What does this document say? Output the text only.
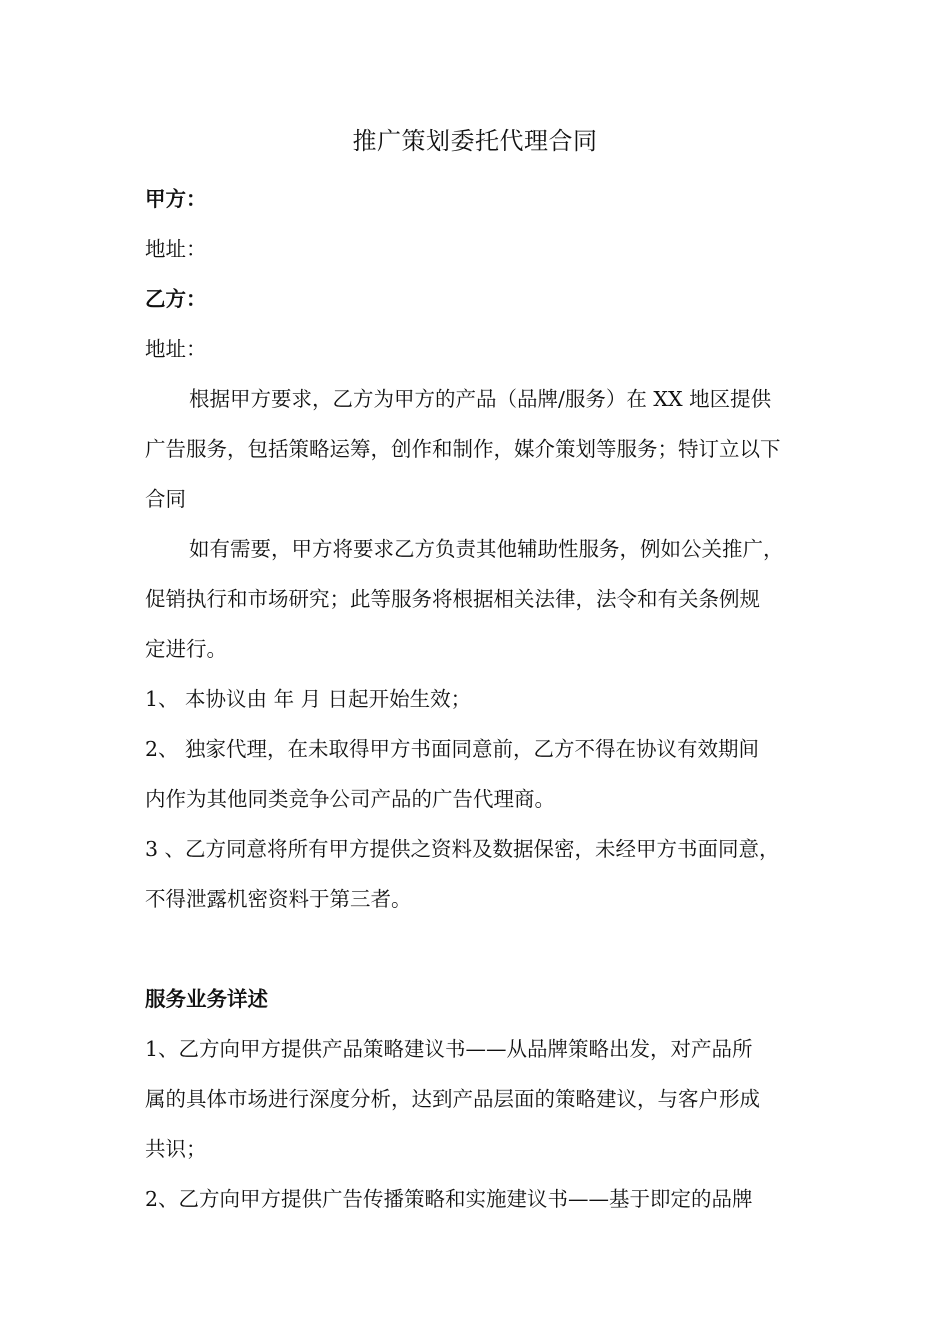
推广策划委托代理合同

甲方：

地址：

乙方：

地址：

根据甲方要求，乙方为甲方的产品（品牌/服务）在 XX 地区提供

广告服务，包括策略运筹，创作和制作，媒介策划等服务；特订立以下

合同

如有需要，甲方将要求乙方负责其他辅助性服务，例如公关推广，

促销执行和市场研究；此等服务将根据相关法律，法令和有关条例规

定进行。

1、 本协议由 年 月 日起开始生效；

2、 独家代理，在未取得甲方书面同意前，乙方不得在协议有效期间

内作为其他同类竞争公司产品的广告代理商。

3 、乙方同意将所有甲方提供之资料及数据保密，未经甲方书面同意，

不得泄露机密资料于第三者。

服务业务详述

1、乙方向甲方提供产品策略建议书——从品牌策略出发，对产品所

属的具体市场进行深度分析，达到产品层面的策略建议，与客户形成

共识；

2、乙方向甲方提供广告传播策略和实施建议书——基于即定的品牌
